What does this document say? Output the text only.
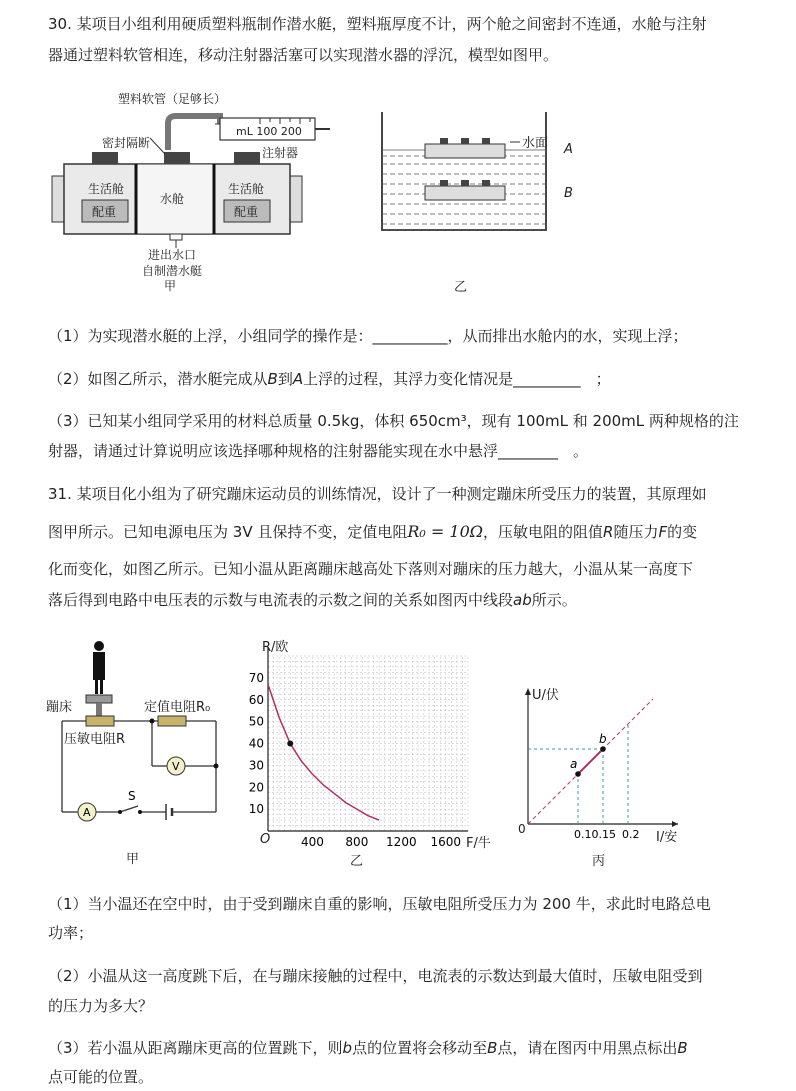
30. 某项目小组利用硬质塑料瓶制作潜水艇，塑料瓶厚度不计，两个舱之间密封不连通，水舱与注射
器通过塑料软管相连，移动注射器活塞可以实现潜水器的浮沉，模型如图甲。
塑料软管（足够长）
密封隔断
mL 100 200
注射器
生活舱
水舱
生活舱
配重	配重
进出水口
自制潜水艇
甲
水面 A
B
乙
（1）为实现潜水艇的上浮，小组同学的操作是：__________，从而排出水舱内的水，实现上浮；
（2）如图乙所示，潜水艇完成从B到A上浮的过程，其浮力变化情况是_________　；
（3）已知某小组同学采用的材料总质量 0.5kg，体积 650cm³，现有 100mL 和 200mL 两种规格的注
射器，请通过计算说明应该选择哪种规格的注射器能实现在水中悬浮________　。
31. 某项目化小组为了研究蹦床运动员的训练情况，设计了一种测定蹦床所受压力的装置，其原理如
图甲所示。已知电源电压为 3V 且保持不变，定值电阻R₀ = 10Ω，压敏电阻的阻值R随压力F的变
化而变化，如图乙所示。已知小温从距离蹦床越高处下落则对蹦床的压力越大，小温从某一高度下
落后得到电路中电压表的示数与电流表的示数之间的关系如图丙中线段ab所示。
V
A
S
蹦床	定值电阻R₀
压敏电阻R
甲
10
20
30
40
50
60
70
400 800 1200 1600
R/欧
F/牛
O
乙
a
b
0.10.15 0.2
U/伏
I/安
0
丙
（1）当小温还在空中时，由于受到蹦床自重的影响，压敏电阻所受压力为 200 牛，求此时电路总电
功率；
（2）小温从这一高度跳下后，在与蹦床接触的过程中，电流表的示数达到最大值时，压敏电阻受到
的压力为多大？
（3）若小温从距离蹦床更高的位置跳下，则b点的位置将会移动至B点，请在图丙中用黑点标出B
点可能的位置。
